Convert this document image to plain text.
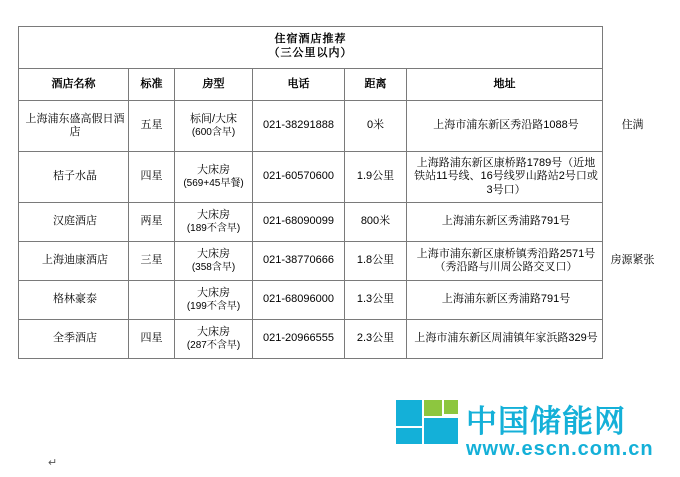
住宿酒店推荐
（三公里以内）						

酒店名称	标准	房型	电话	距离	地址	
上海浦东盛高假日酒店	五星	标间/大床
(600含早)	021-38291888	0米	上海市浦东新区秀沿路1088号	住满
桔子水晶	四星	大床房
(569+45早餐)	021-60570600	1.9公里	上海路浦东新区康桥路1789号（近地铁站11号线、16号线罗山路站2号口或3号口）	
汉庭酒店	两星	大床房
(189不含早)	021-68090099	800米	上海浦东新区秀浦路791号	
上海迪康酒店	三星	大床房
(358含早)	021-38770666	1.8公里	上海市浦东新区康桥镇秀沿路2571号（秀沿路与川周公路交叉口）	房源紧张
格林豪泰		大床房
(199不含早)	021-68096000	1.3公里	上海浦东新区秀浦路791号	
全季酒店	四星	大床房
(287不含早)	021-20966555	2.3公里	上海市浦东新区周浦镇年家浜路329号	
↵
中国储能网
www.escn.com.cn
